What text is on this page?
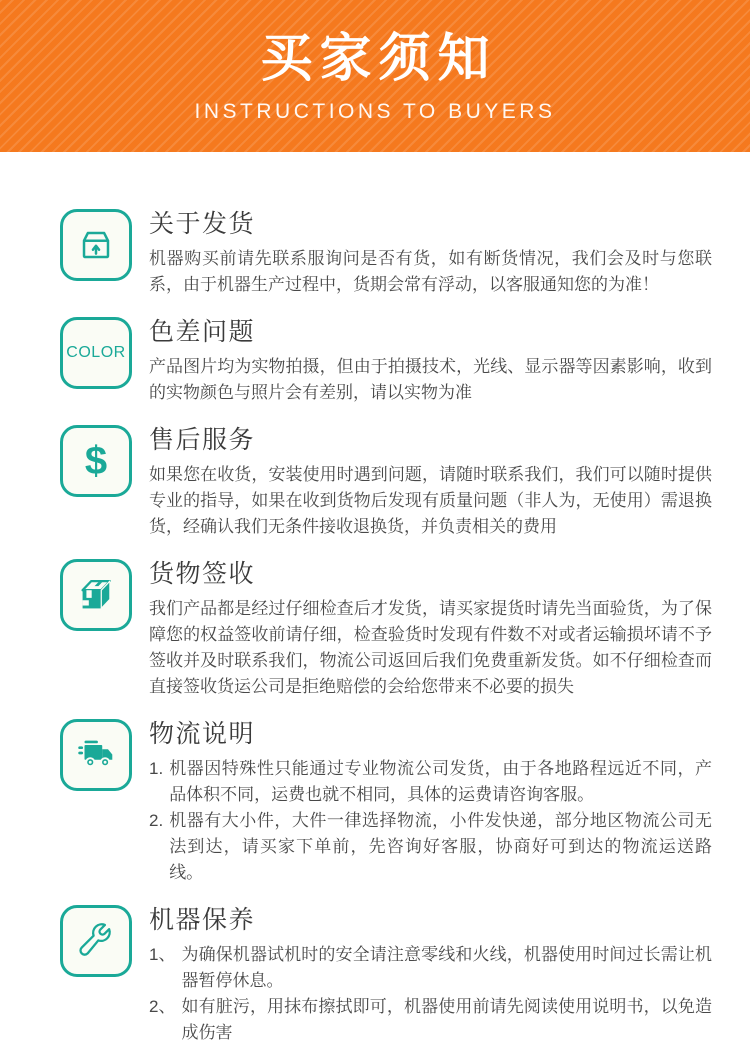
买家须知
INSTRUCTIONS TO BUYERS
关于发货

机器购买前请先联系服询问是否有货，如有断货情况，我们会及时与您联系，由于机器生产过程中，货期会常有浮动，以客服通知您的为准！

COLOR
色差问题

产品图片均为实物拍摄，但由于拍摄技术，光线、显示器等因素影响，收到的实物颜色与照片会有差别，请以实物为准

$ 售后服务

如果您在收货，安装使用时遇到问题，请随时联系我们，我们可以随时提供专业的指导，如果在收到货物后发现有质量问题（非人为，无使用）需退换货，经确认我们无条件接收退换货，并负责相关的费用

货物签收

我们产品都是经过仔细检查后才发货，请买家提货时请先当面验货，为了保障您的权益签收前请仔细，检查验货时发现有件数不对或者运输损坏请不予签收并及时联系我们，物流公司返回后我们免费重新发货。如不仔细检查而直接签收货运公司是拒绝赔偿的会给您带来不必要的损失

物流说明
1. 机器因特殊性只能通过专业物流公司发货，由于各地路程远近不同，产品体积不同，运费也就不相同，具体的运费请咨询客服。
2. 机器有大小件，大件一律选择物流，小件发快递，部分地区物流公司无法到达，请买家下单前，先咨询好客服，协商好可到达的物流运送路线。
机器保养
1、 为确保机器试机时的安全请注意零线和火线，机器使用时间过长需让机器暂停休息。
2、 如有脏污，用抹布擦拭即可，机器使用前请先阅读使用说明书，以免造成伤害
